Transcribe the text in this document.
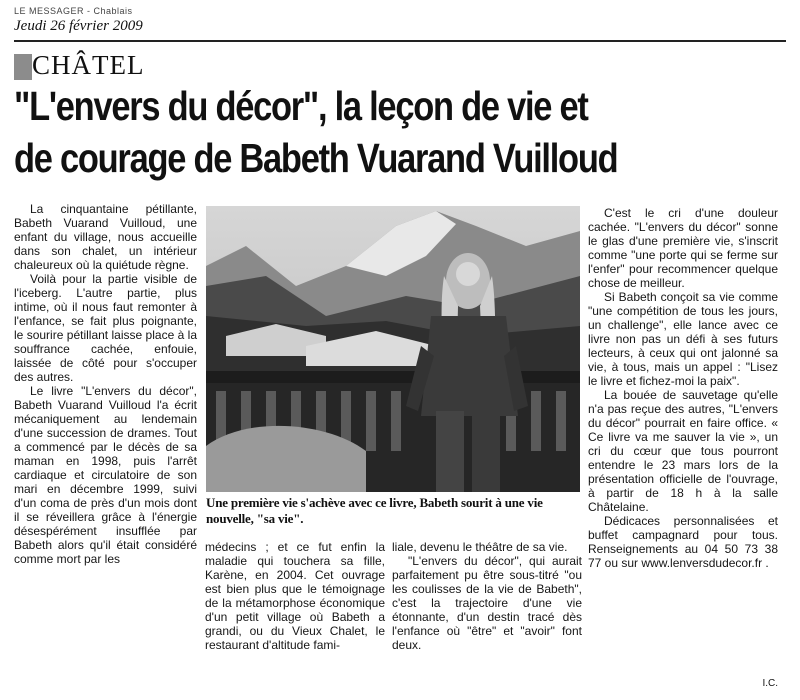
LE MESSAGER - Chablais
Jeudi 26 février 2009
CHÂTEL
"L'envers du décor", la leçon de vie et
de courage de Babeth Vuarand Vuilloud

La cinquantaine pétillante, Babeth Vuarand Vuilloud, une enfant du village, nous accueille dans son chalet, un intérieur chaleureux où la quiétude règne.

Voilà pour la partie visible de l'iceberg. L'autre partie, plus intime, où il nous faut remonter à l'enfance, se fait plus poignante, le sourire pétillant laisse place à la souffrance cachée, enfouie, laissée de côté pour s'occuper des autres.

Le livre "L'envers du décor", Babeth Vuarand Vuilloud l'a écrit mécaniquement au lendemain d'une succession de drames. Tout a commencé par le décès de sa maman en 1998, puis l'arrêt cardiaque et circulatoire de son mari en décembre 1999, suivi d'un coma de près d'un mois dont il se réveillera grâce à l'énergie désespérément insufflée par Babeth alors qu'il était considéré comme mort par les

Une première vie s'achève avec ce livre, Babeth sourit à une vie nouvelle, "sa vie".

médecins ; et ce fut enfin la maladie qui touchera sa fille, Karène, en 2004. Cet ouvrage est bien plus que le témoignage de la métamorphose économique d'un petit village où Babeth a grandi, ou du Vieux Chalet, le restaurant d'altitude fami-

liale, devenu le théâtre de sa vie.

"L'envers du décor", qui aurait parfaitement pu être sous-titré "ou les coulisses de la vie de Babeth", c'est la trajectoire d'une vie étonnante, d'un destin tracé dès l'enfance où "être" et "avoir" font deux.

C'est le cri d'une douleur cachée. "L'envers du décor" sonne le glas d'une première vie, s'inscrit comme "une porte qui se ferme sur l'enfer" pour recommencer quelque chose de meilleur.

Si Babeth conçoit sa vie comme "une compétition de tous les jours, un challenge", elle lance avec ce livre non pas un défi à ses futurs lecteurs, à ceux qui ont jalonné sa vie, à tous, mais un appel : "Lisez le livre et fichez-moi la paix".

La bouée de sauvetage qu'elle n'a pas reçue des autres, "L'envers du décor" pourrait en faire office. « Ce livre va me sauver la vie », un cri du cœur que tous pourront entendre le 23 mars lors de la présentation officielle de l'ouvrage, à partir de 18 h à la salle Châtelaine.

Dédicaces personnalisées et buffet campagnard pour tous. Renseignements au 04 50 73 38 77 ou sur www.lenversdudecor.fr .

I.C.
